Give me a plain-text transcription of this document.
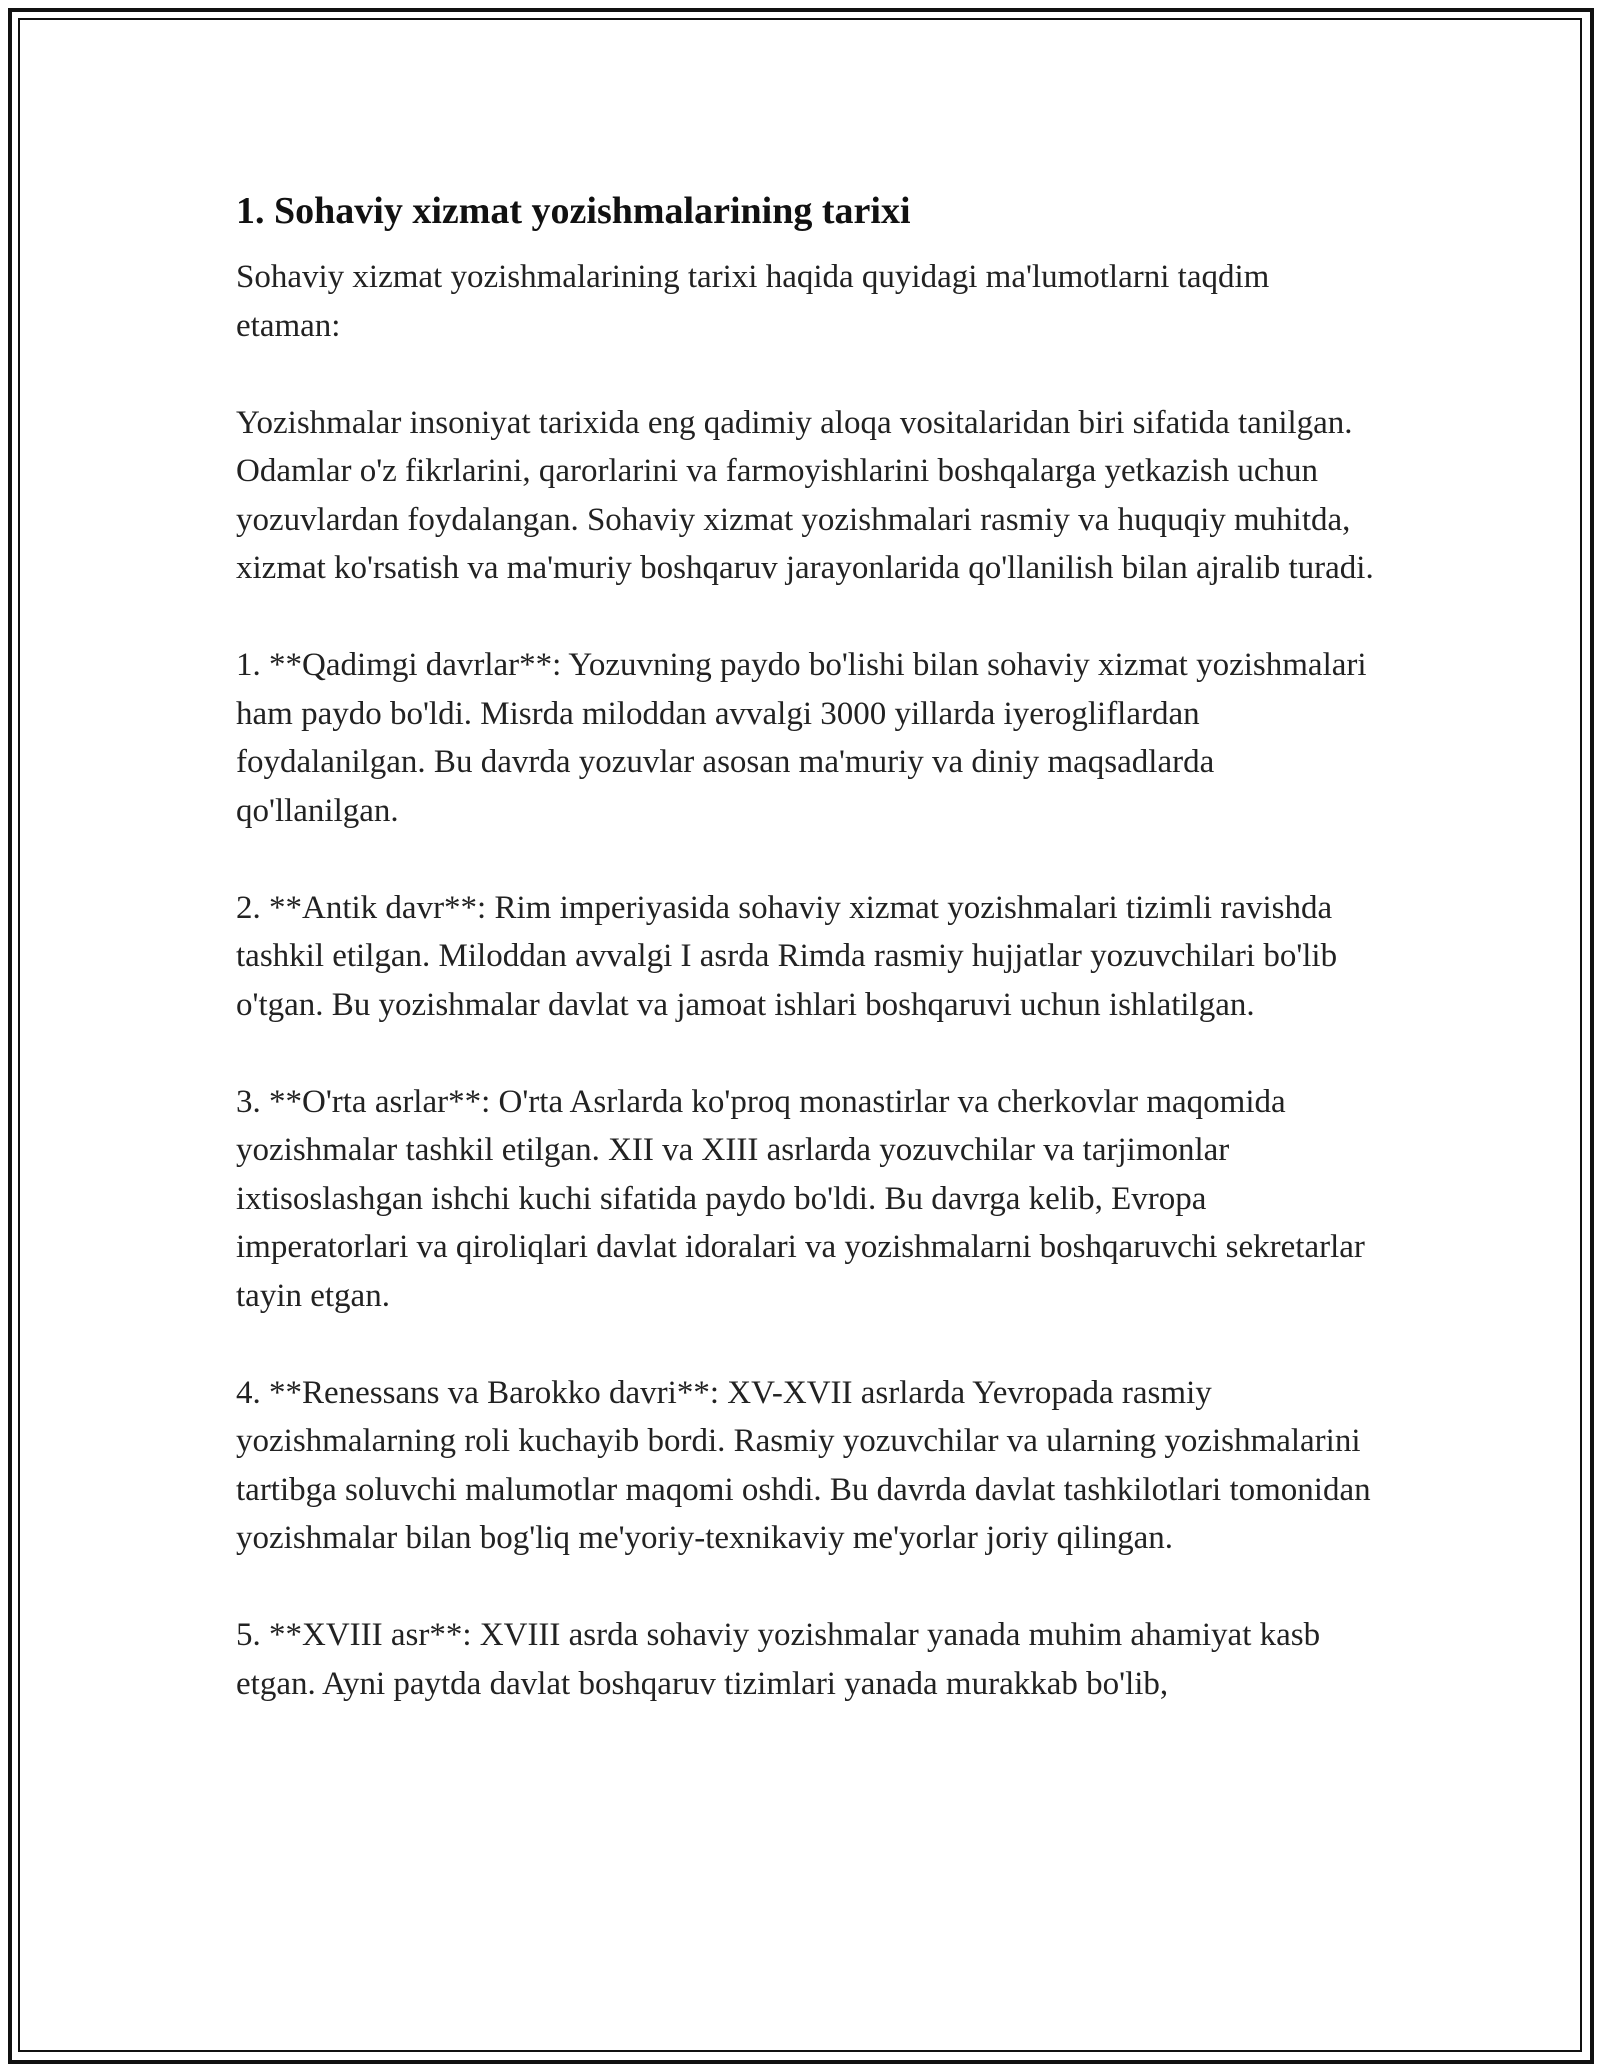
1. Sohaviy xizmat yozishmalarining tarixi

Sohaviy xizmat yozishmalarining tarixi haqida quyidagi ma'lumotlarni taqdim etaman:

Yozishmalar insoniyat tarixida eng qadimiy aloqa vositalaridan biri sifatida tanilgan. Odamlar o'z fikrlarini, qarorlarini va farmoyishlarini boshqalarga yetkazish uchun yozuvlardan foydalangan. Sohaviy xizmat yozishmalari rasmiy va huquqiy muhitda, xizmat ko'rsatish va ma'muriy boshqaruv jarayonlarida qo'llanilish bilan ajralib turadi.

1. **Qadimgi davrlar**: Yozuvning paydo bo'lishi bilan sohaviy xizmat yozishmalari ham paydo bo'ldi. Misrda miloddan avvalgi 3000 yillarda iyerogliflardan foydalanilgan. Bu davrda yozuvlar asosan ma'muriy va diniy maqsadlarda qo'llanilgan.

2. **Antik davr**: Rim imperiyasida sohaviy xizmat yozishmalari tizimli ravishda tashkil etilgan. Miloddan avvalgi I asrda Rimda rasmiy hujjatlar yozuvchilari bo'lib o'tgan. Bu yozishmalar davlat va jamoat ishlari boshqaruvi uchun ishlatilgan.

3. **O'rta asrlar**: O'rta Asrlarda ko'proq monastirlar va cherkovlar maqomida yozishmalar tashkil etilgan. XII va XIII asrlarda yozuvchilar va tarjimonlar ixtisoslashgan ishchi kuchi sifatida paydo bo'ldi. Bu davrga kelib, Evropa imperatorlari va qiroliqlari davlat idoralari va yozishmalarni boshqaruvchi sekretarlar tayin etgan.

4. **Renessans va Barokko davri**: XV-XVII asrlarda Yevropada rasmiy yozishmalarning roli kuchayib bordi. Rasmiy yozuvchilar va ularning yozishmalarini tartibga soluvchi malumotlar maqomi oshdi. Bu davrda davlat tashkilotlari tomonidan yozishmalar bilan bog'liq me'yoriy-texnikaviy me'yorlar joriy qilingan.

5. **XVIII asr**: XVIII asrda sohaviy yozishmalar yanada muhim ahamiyat kasb etgan. Ayni paytda davlat boshqaruv tizimlari yanada murakkab bo'lib,
